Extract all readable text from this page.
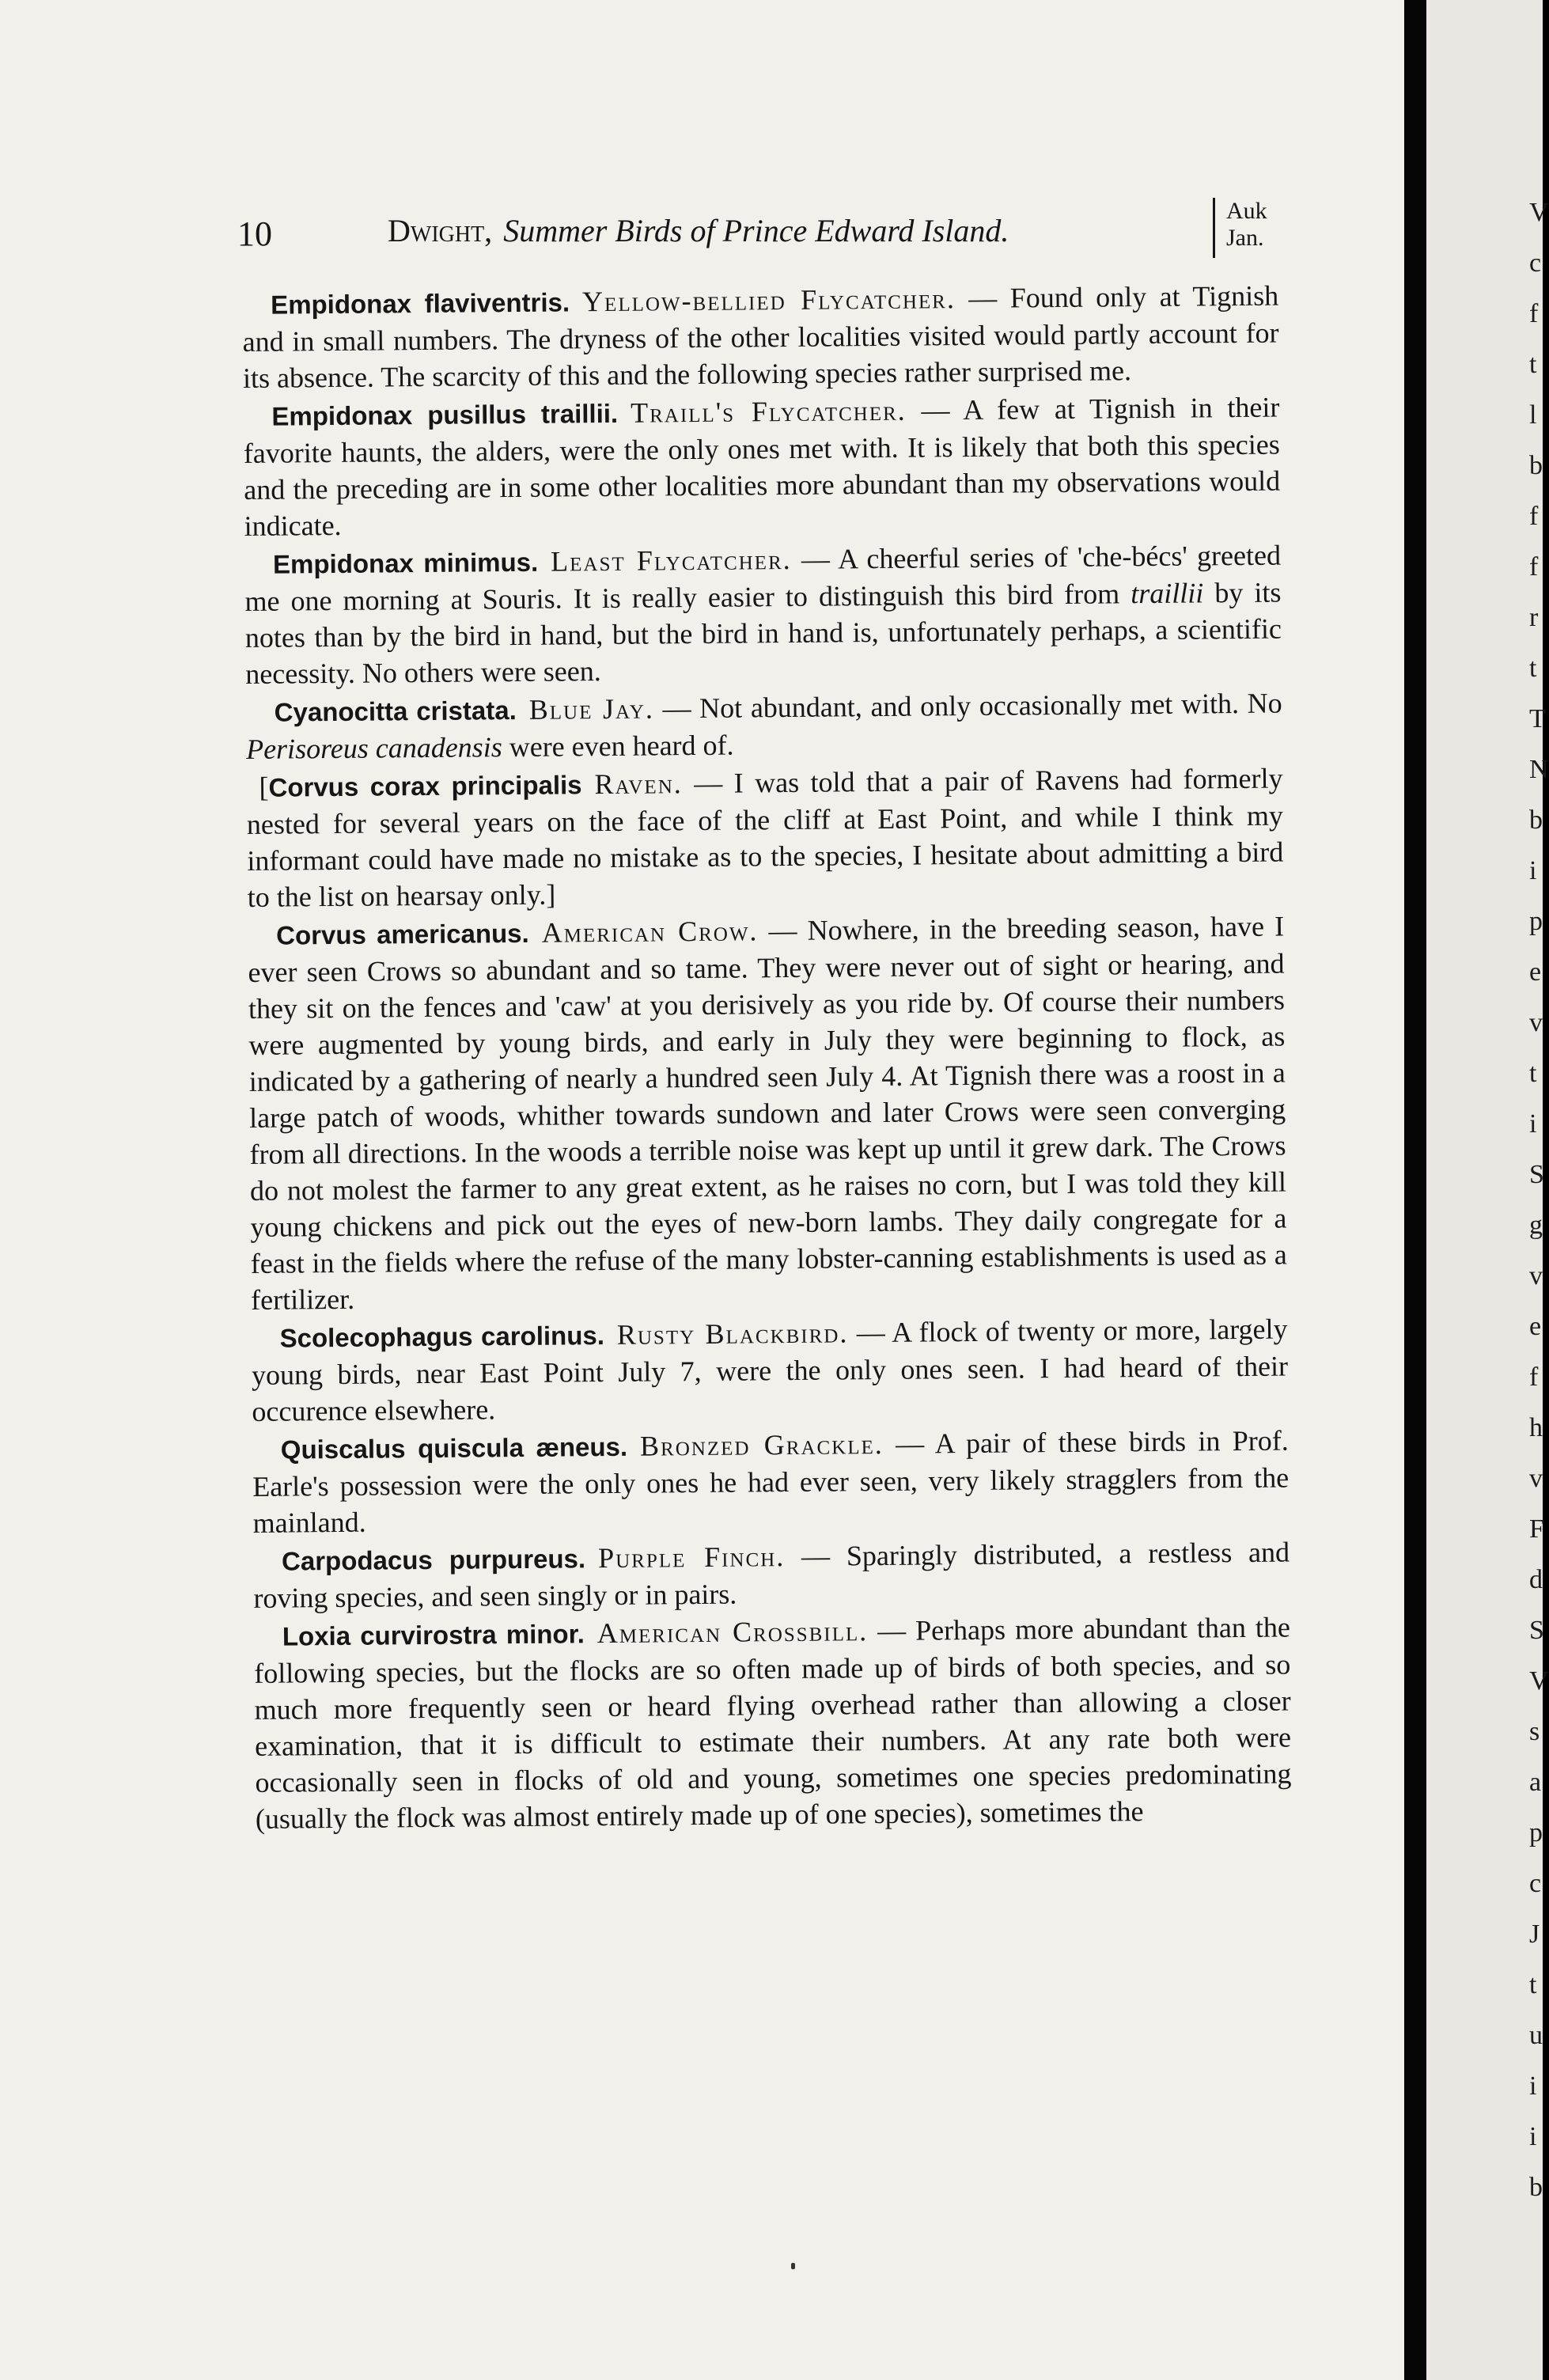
10	Dwight, Summer Birds of Prince Edward Island.
Auk
Jan.

Empidonax flaviventris. Yellow-bellied Flycatcher. — Found only at Tignish and in small numbers. The dryness of the other localities visited would partly account for its absence. The scarcity of this and the following species rather surprised me.

Empidonax pusillus traillii. Traill's Flycatcher. — A few at Tignish in their favorite haunts, the alders, were the only ones met with. It is likely that both this species and the preceding are in some other localities more abundant than my observations would indicate.

Empidonax minimus. Least Flycatcher. — A cheerful series of 'che-bécs' greeted me one morning at Souris. It is really easier to distinguish this bird from traillii by its notes than by the bird in hand, but the bird in hand is, unfortunately perhaps, a scientific necessity. No others were seen.

Cyanocitta cristata. Blue Jay. — Not abundant, and only occasionally met with. No Perisoreus canadensis were even heard of.

[Corvus corax principalis Raven. — I was told that a pair of Ravens had formerly nested for several years on the face of the cliff at East Point, and while I think my informant could have made no mistake as to the species, I hesitate about admitting a bird to the list on hearsay only.]

Corvus americanus. American Crow. — Nowhere, in the breeding season, have I ever seen Crows so abundant and so tame. They were never out of sight or hearing, and they sit on the fences and 'caw' at you derisively as you ride by. Of course their numbers were augmented by young birds, and early in July they were beginning to flock, as indicated by a gathering of nearly a hundred seen July 4. At Tignish there was a roost in a large patch of woods, whither towards sundown and later Crows were seen converging from all directions. In the woods a terrible noise was kept up until it grew dark. The Crows do not molest the farmer to any great extent, as he raises no corn, but I was told they kill young chickens and pick out the eyes of new-born lambs. They daily congregate for a feast in the fields where the refuse of the many lobster-canning establishments is used as a fertilizer.

Scolecophagus carolinus. Rusty Blackbird. — A flock of twenty or more, largely young birds, near East Point July 7, were the only ones seen. I had heard of their occurence elsewhere.

Quiscalus quiscula æneus. Bronzed Grackle. — A pair of these birds in Prof. Earle's possession were the only ones he had ever seen, very likely stragglers from the mainland.

Carpodacus purpureus. Purple Finch. — Sparingly distributed, a restless and roving species, and seen singly or in pairs.

Loxia curvirostra minor. American Crossbill. — Perhaps more abundant than the following species, but the flocks are so often made up of birds of both species, and so much more frequently seen or heard flying overhead rather than allowing a closer examination, that it is difficult to estimate their numbers. At any rate both were occasionally seen in flocks of old and young, sometimes one species predominating (usually the flock was almost entirely made up of one species), sometimes the

V
c
f
t
l
b
f
f
r
t
T
N
b
i
p
e
v
t
i
S
g
v
e
f
h
v
F
d
S
V
s
a
p
c
J
t
u
i
i
b
